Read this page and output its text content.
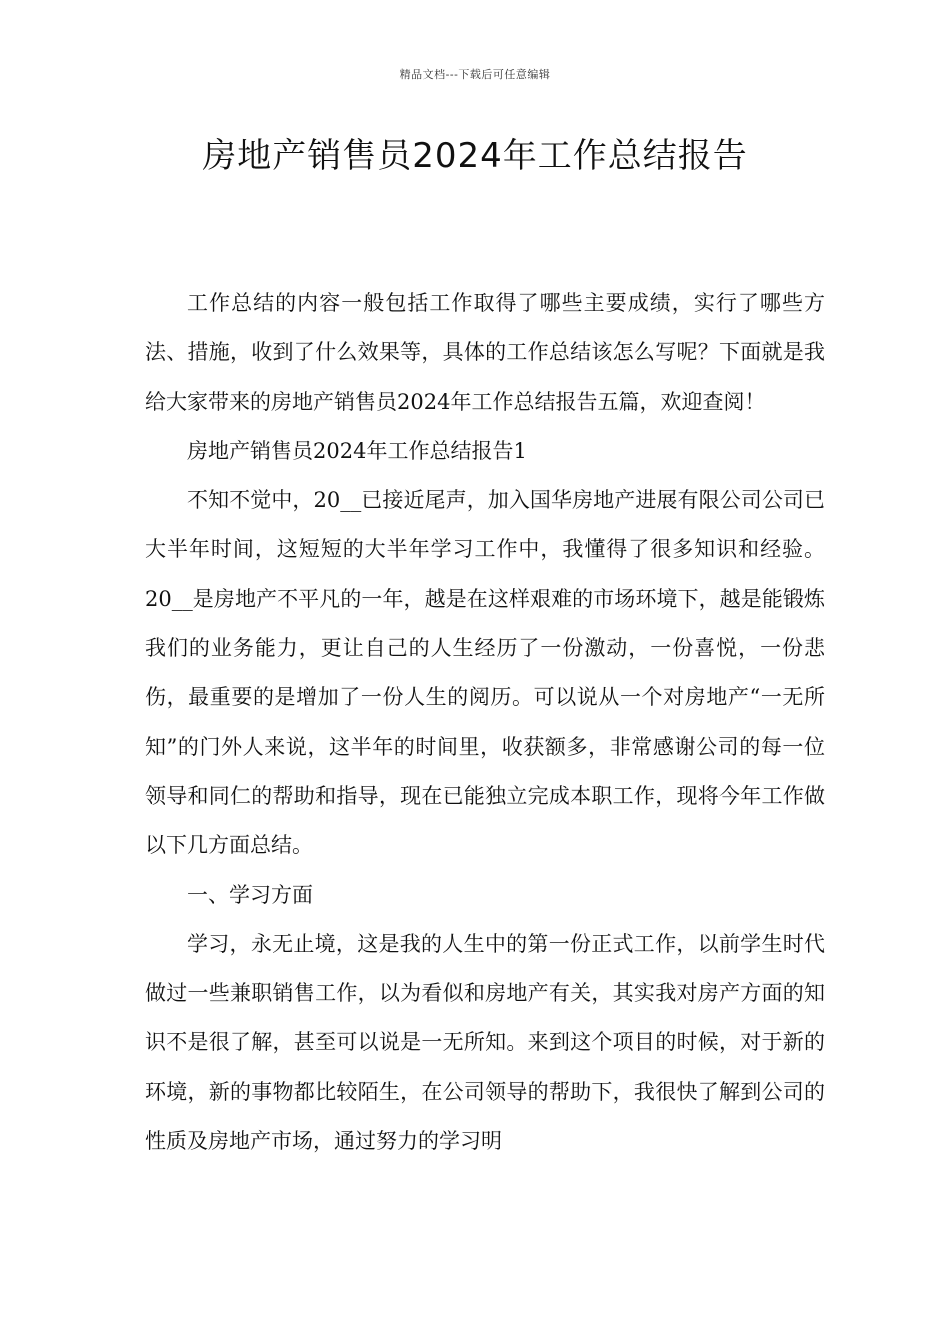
精品文档---下载后可任意编辑
房地产销售员2024年工作总结报告

工作总结的内容一般包括工作取得了哪些主要成绩，实行了哪些方法、措施，收到了什么效果等，具体的工作总结该怎么写呢？下面就是我给大家带来的房地产销售员2024年工作总结报告五篇，欢迎查阅！

房地产销售员2024年工作总结报告1

不知不觉中，20__已接近尾声，加入国华房地产进展有限公司公司已大半年时间，这短短的大半年学习工作中，我懂得了很多知识和经验。20__是房地产不平凡的一年，越是在这样艰难的市场环境下，越是能锻炼我们的业务能力，更让自己的人生经历了一份激动，一份喜悦，一份悲伤，最重要的是增加了一份人生的阅历。可以说从一个对房地产“一无所知”的门外人来说，这半年的时间里，收获额多，非常感谢公司的每一位领导和同仁的帮助和指导，现在已能独立完成本职工作，现将今年工作做以下几方面总结。

一、学习方面

学习，永无止境，这是我的人生中的第一份正式工作，以前学生时代做过一些兼职销售工作，以为看似和房地产有关，其实我对房产方面的知识不是很了解，甚至可以说是一无所知。来到这个项目的时候，对于新的环境，新的事物都比较陌生，在公司领导的帮助下，我很快了解到公司的性质及房地产市场，通过努力的学习明
